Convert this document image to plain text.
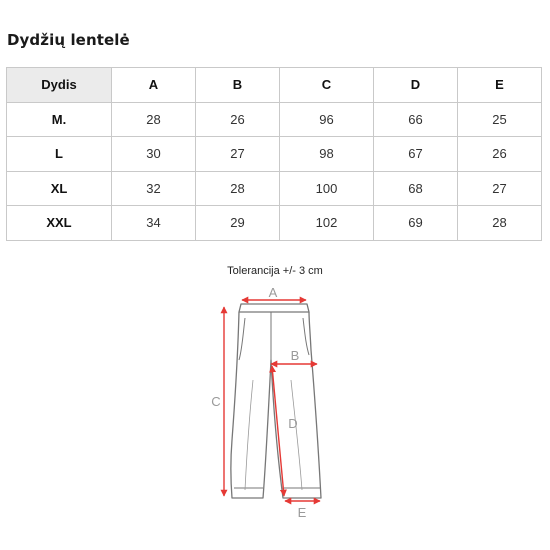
Dydžių lentelė
Dydis	A	B	C	D	E
M.	28	26	96	66	25
L	30	27	98	67	26
XL	32	28	100	68	27
XXL	34	29	102	69	28
Tolerancija +/- 3 cm
A
B
C
D
E
